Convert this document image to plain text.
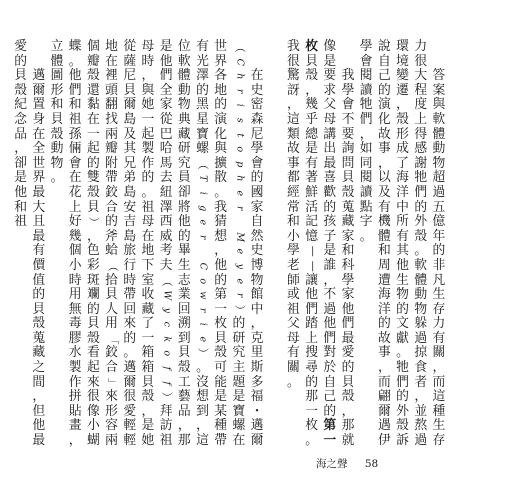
答
案
與
軟
體
動
物
超
過
五
億
年
的
非
凡
生
存
力
有
關
，
而
這
種
生
存
力
很
大
程
度
上
得
感
謝
牠
們
的
外
殼
。
軟
體
動
物
躲
過
掠
食
者
，
並
熬
過
環
境
變
遷
，
殼
形
成
了
海
洋
中
所
有
其
他
生
物
的
文
獻
。
牠
們
的
外
殼
訴
說
自
己
的
演
化
故
事
，
以
及
有
機
體
和
周
遭
海
洋
的
故
事
，
而
翩
爾
遇
伊
學
會
閱
讀
牠
們
，
如
同
閱
讀
點
字
。

我
學
會
不
要
詢
問
貝
殼
蒐
藏
家
和
科
學
家
他
們
最
愛
的
貝
殼
，
那
就
像
是
要
求
父
母
講
出
最
喜
歡
的
孩
子
是
誰
，
不
過
他
們
對
於
自
己
的
第
一
枚
貝
殼
，
幾
乎
總
是
有
著
鮮
活
記
憶
—
—
讓
他
們
踏
上
搜
尋
的
那
一
枚
。
我
很
驚
訝
，
這
類
故
事
都
經
常
和
小
學
老
師
或
祖
父
母
有
關
。

在
史
密
森
尼
學
會
的
國
家
自
然
史
博
物
館
中
，
克
里
斯
多
福
・
邁
爾
（
C
h
r
i
s
t
o
p
h
e
r

M
e
y
e
r
）
的
研
究
主
題
是
寶
螺
在
世
界
各
地
的
演
化
與
擴
散
。
我
猜
想
，
他
的
第
一
枚
貝
殼
可
能
是
某
種
帶
有
光
澤
的
黑
星
寶
螺
（
T
i
g
e
r

C
o
w
r
i
e
）
。
沒
想
到
，
這
位
軟
體
動
物
典
藏
研
究
員
卻
將
他
的
畢
生
志
業
回
溯
到
貝
殼
工
藝
品
，
那
是
他
們
全
家
從
巴
哈
馬
去
紐
澤
西
威
考
夫
（
W
y
c
k
o
f
f
）
拜
訪
祖
母
時
，
與
她
一
起
製
作
的
。
祖
母
在
地
下
室
收
藏
了
一
箱
箱
貝
殼
，
是
她
從
薩
尼
貝
爾
島
及
其
兄
弟
島
安
吉
島
旅
行
時
帶
回
來
的
。
邁
爾
很
愛
輕
輕
地
在
裡
頭
翻
找
兩
瓣
附
帶
鉸
合
的
斧
蛤
（
拾
貝
人
用
「
鉸
合
」
來
形
容
兩
個
瓣
殼
還
黏
在
一
起
的
雙
殼
貝
）
，
色
彩
斑
斕
的
貝
殼
看
起
來
很
像
小
蝴
蝶
。
他
們
和
祖
孫
倆
會
在
花
上
好
幾
個
小
時
用
無
毒
膠
水
製
作
拼
貼
畫
，
立
體
圖
形
和
貝
殼
動
物
。

邁
爾
置
身
在
全
世
界
最
大
且
最
有
價
值
的
貝
殼
蒐
藏
之
間
，
但
他
最
愛
的
貝
殼
紀
念
品
，
卻
是
他
和
祖
海之聲 58
